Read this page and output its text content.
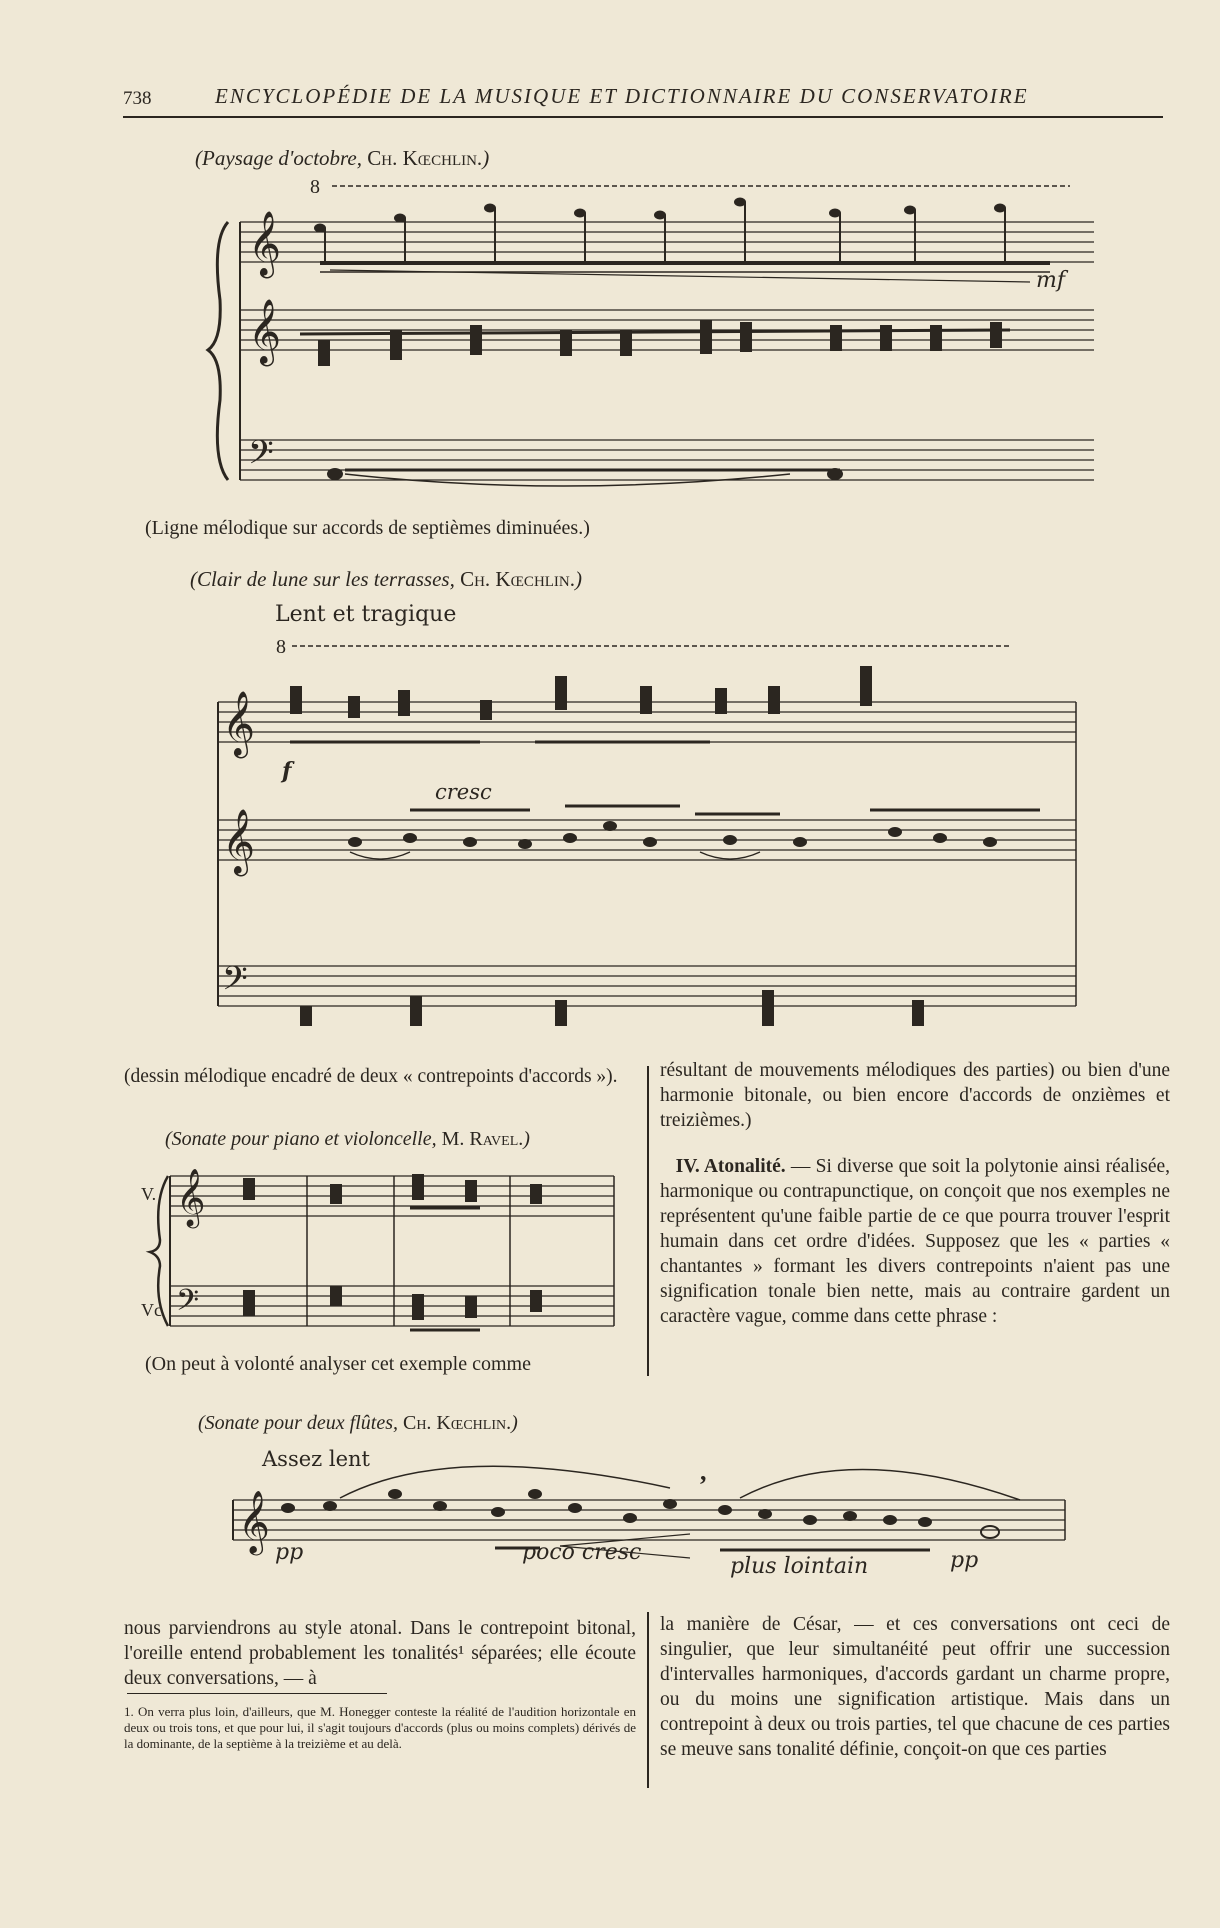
738	ENCYCLOPÉDIE DE LA MUSIQUE ET DICTIONNAIRE DU CONSERVATOIRE
(Paysage d'octobre, Ch. Kœchlin.)
8
𝄞
𝄞
𝄢
mf
(Ligne mélodique sur accords de septièmes diminuées.)
(Clair de lune sur les terrasses, Ch. Kœchlin.)
Lent et tragique
8
𝄞
𝄞
𝄢
f
cresc
(dessin mélodique encadré de deux « contrepoints d'accords »).
(Sonate pour piano et violoncelle, M. Ravel.)
V.
Vc
𝄞
𝄢
(On peut à volonté analyser cet exemple comme
résultant de mouvements mélodiques des parties) ou bien d'une harmonie bitonale, ou bien encore d'accords de onzièmes et treizièmes.)

IV. Atonalité. — Si diverse que soit la polytonie ainsi réalisée, harmonique ou contrapunctique, on conçoit que nos exemples ne représentent qu'une faible partie de ce que pourra trouver l'esprit humain dans cet ordre d'idées. Supposez que les « parties « chantantes » formant les divers contrepoints n'aient pas une signification tonale bien nette, mais au contraire gardent un caractère vague, comme dans cette phrase :

(Sonate pour deux flûtes, Ch. Kœchlin.)
Assez lent
𝄞
,
pp	poco cresc
plus lointain	pp
nous parviendrons au style atonal. Dans le contrepoint bitonal, l'oreille entend probablement les tonalités¹ séparées; elle écoute deux conversations, — à
1. On verra plus loin, d'ailleurs, que M. Honegger conteste la réalité de l'audition horizontale en deux ou trois tons, et que pour lui, il s'agit toujours d'accords (plus ou moins complets) dérivés de la dominante, de la septième à la treizième et au delà.
la manière de César, — et ces conversations ont ceci de singulier, que leur simultanéité peut offrir une succession d'intervalles harmoniques, d'accords gardant un charme propre, ou du moins une signification artistique. Mais dans un contrepoint à deux ou trois parties, tel que chacune de ces parties se meuve sans tonalité définie, conçoit-on que ces parties
